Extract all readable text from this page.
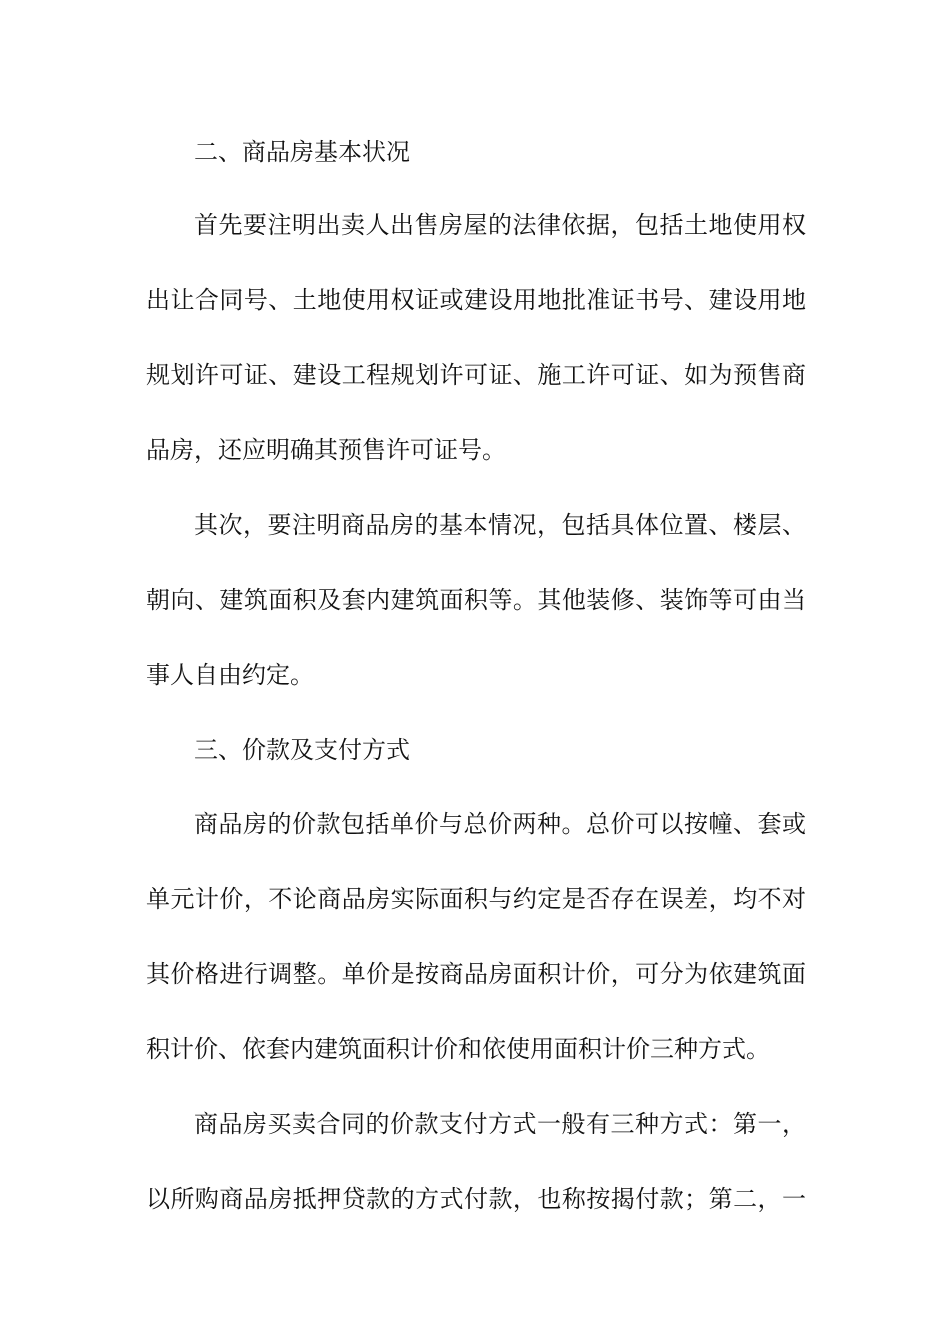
二、商品房基本状况
首先要注明出卖人出售房屋的法律依据，包括土地使用权
出让合同号、土地使用权证或建设用地批准证书号、建设用地
规划许可证、建设工程规划许可证、施工许可证、如为预售商
品房，还应明确其预售许可证号。
其次，要注明商品房的基本情况，包括具体位置、楼层、
朝向、建筑面积及套内建筑面积等。其他装修、装饰等可由当
事人自由约定。
三、价款及支付方式
商品房的价款包括单价与总价两种。总价可以按幢、套或
单元计价，不论商品房实际面积与约定是否存在误差，均不对
其价格进行调整。单价是按商品房面积计价，可分为依建筑面
积计价、依套内建筑面积计价和依使用面积计价三种方式。
商品房买卖合同的价款支付方式一般有三种方式：第一，
以所购商品房抵押贷款的方式付款，也称按揭付款；第二，一
